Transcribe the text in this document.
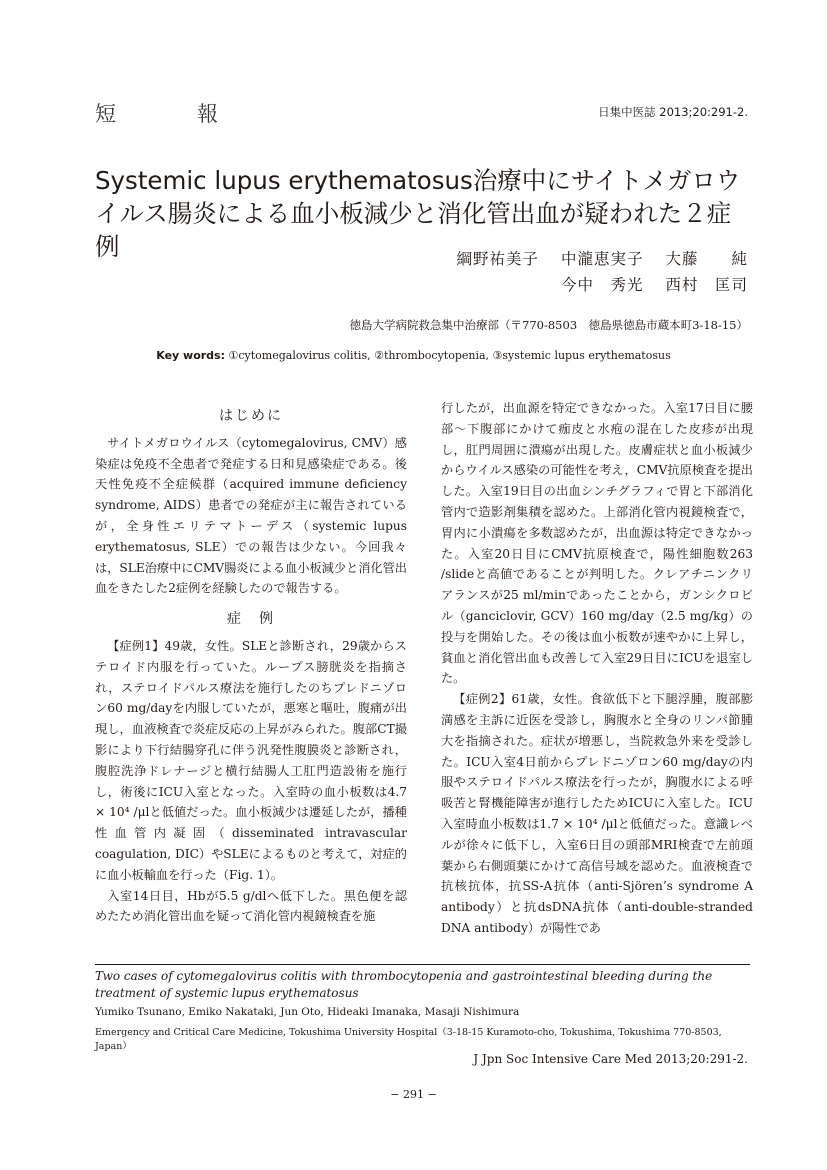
短　報	日集中医誌 2013;20:291-2.
Systemic lupus erythematosus治療中にサイトメガロウイルス腸炎による血小板減少と消化管出血が疑われた２症例	綱野祐美子 中瀧恵実子 大藤　　純
今中　秀光 西村　匡司
徳島大学病院救急集中治療部（〒770-8503　徳島県徳島市蔵本町3-18-15）
Key words: ①cytomegalovirus colitis, ②thrombocytopenia, ③systemic lupus erythematosus
はじめに

サイトメガロウイルス（cytomegalovirus, CMV）感染症は免疫不全患者で発症する日和見感染症である。後天性免疫不全症候群（acquired immune deficiency syndrome, AIDS）患者での発症が主に報告されているが，全身性エリテマトーデス（systemic lupus erythematosus, SLE）での報告は少ない。今回我々は，SLE治療中にCMV腸炎による血小板減少と消化管出血をきたした2症例を経験したので報告する。

症　例

【症例1】49歳，女性。SLEと診断され，29歳からステロイド内服を行っていた。ループス膀胱炎を指摘され，ステロイドパルス療法を施行したのちプレドニゾロン60 mg/dayを内服していたが，悪寒と嘔吐，腹痛が出現し，血液検査で炎症反応の上昇がみられた。腹部CT撮影により下行結腸穿孔に伴う汎発性腹膜炎と診断され，腹腔洗浄ドレナージと横行結腸人工肛門造設術を施行し，術後にICU入室となった。入室時の血小板数は4.7 × 10⁴ /μlと低値だった。血小板減少は遷延したが，播種性血管内凝固（disseminated intravascular coagulation, DIC）やSLEによるものと考えて，対症的に血小板輸血を行った（Fig. 1）。

入室14日目，Hbが5.5 g/dlへ低下した。黒色便を認めたため消化管出血を疑って消化管内視鏡検査を施

行したが，出血源を特定できなかった。入室17日目に腰部～下腹部にかけて痂皮と水疱の混在した皮疹が出現し，肛門周囲に潰瘍が出現した。皮膚症状と血小板減少からウイルス感染の可能性を考え，CMV抗原検査を提出した。入室19日目の出血シンチグラフィで胃と下部消化管内で造影剤集積を認めた。上部消化管内視鏡検査で，胃内に小潰瘍を多数認めたが，出血源は特定できなかった。入室20日目にCMV抗原検査で，陽性細胞数263 /slideと高値であることが判明した。クレアチニンクリアランスが25 ml/minであったことから，ガンシクロビル（ganciclovir, GCV）160 mg/day（2.5 mg/kg）の投与を開始した。その後は血小板数が速やかに上昇し，貧血と消化管出血も改善して入室29日目にICUを退室した。

【症例2】61歳，女性。食欲低下と下腿浮腫，腹部膨満感を主訴に近医を受診し，胸腹水と全身のリンパ節腫大を指摘された。症状が増悪し，当院救急外来を受診した。ICU入室4日前からプレドニゾロン60 mg/dayの内服やステロイドパルス療法を行ったが，胸腹水による呼吸苦と腎機能障害が進行したためICUに入室した。ICU入室時血小板数は1.7 × 10⁴ /μlと低値だった。意識レベルが徐々に低下し，入室6日目の頭部MRI検査で左前頭葉から右側頭葉にかけて高信号域を認めた。血液検査で抗核抗体，抗SS-A抗体（anti-Sjören’s syndrome A antibody）と抗dsDNA抗体（anti-double-stranded DNA antibody）が陽性であ

Two cases of cytomegalovirus colitis with thrombocytopenia and gastrointestinal bleeding during the treatment of systemic lupus erythematosus
Yumiko Tsunano, Emiko Nakataki, Jun Oto, Hideaki Imanaka, Masaji Nishimura
Emergency and Critical Care Medicine, Tokushima University Hospital（3-18-15 Kuramoto-cho, Tokushima, Tokushima 770-8503, Japan）
J Jpn Soc Intensive Care Med 2013;20:291-2.
− 291 −
